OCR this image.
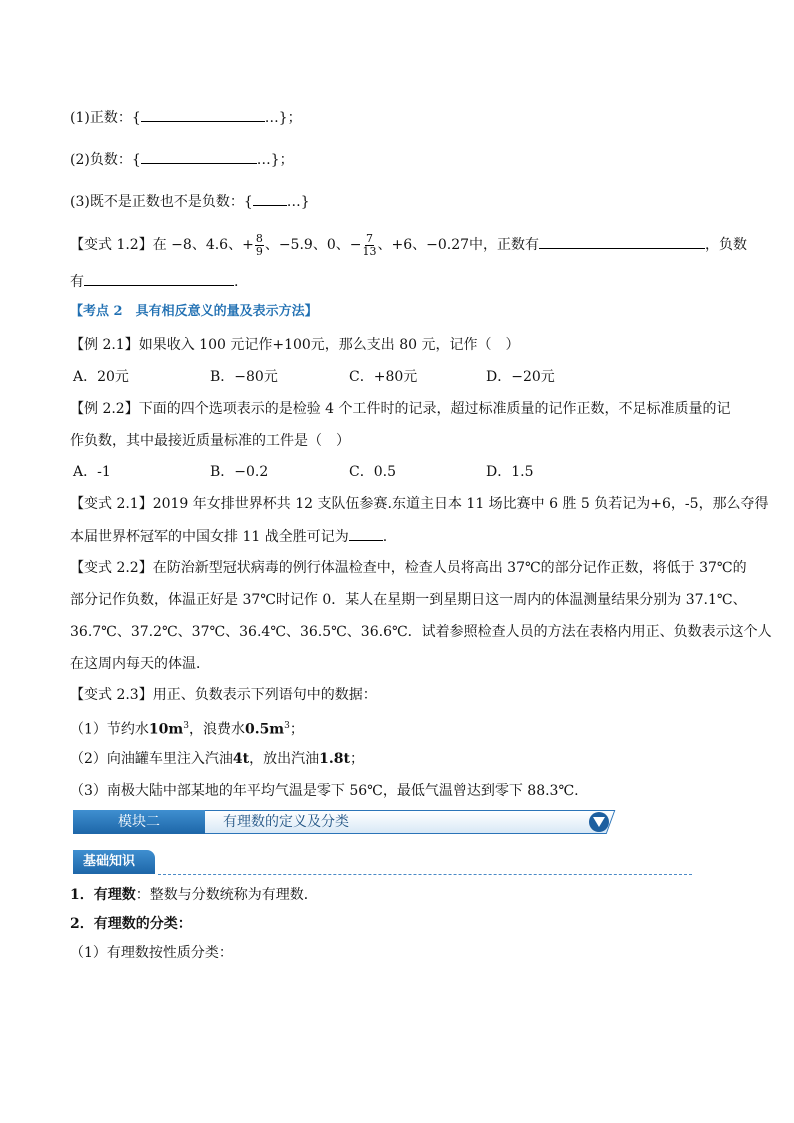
(1)正数：{	…}；
(2)负数：{	…}；
(3)既不是正数也不是负数：{ …}
【变式 1.2】在 −8、4.6、+ $\frac{8}{9}$ 、−5.9、0、− $\frac{7}{13}$ 、+6、−0.27中，正数有	，负数
有	.
【考点 2　具有相反意义的量及表示方法】
【例 2.1】如果收入 100 元记作+100元，那么支出 80 元，记作（　）
A．20元	B．−80元	C．+80元	D．−20元
【例 2.2】下面的四个选项表示的是检验 4 个工件时的记录，超过标准质量的记作正数，不足标准质量的记
作负数，其中最接近质量标准的工件是（　）
A．-1	B．−0.2	C．0.5	D．1.5
【变式 2.1】2019 年女排世界杯共 12 支队伍参赛.东道主日本 11 场比赛中 6 胜 5 负若记为+6，-5，那么夺得
本届世界杯冠军的中国女排 11 战全胜可记为 .
【变式 2.2】在防治新型冠状病毒的例行体温检查中，检查人员将高出 37℃的部分记作正数，将低于 37℃的
部分记作负数，体温正好是 37℃时记作 0．某人在星期一到星期日这一周内的体温测量结果分别为 37.1℃、
36.7℃、37.2℃、37℃、36.4℃、36.5℃、36.6℃．试着参照检查人员的方法在表格内用正、负数表示这个人
在这周内每天的体温．
【变式 2.3】用正、负数表示下列语句中的数据：
（1）节约水$10m^3$，浪费水$0.5m^3$；
（2）向油罐车里注入汽油4t，放出汽油1.8t；
（3）南极大陆中部某地的年平均气温是零下 56℃，最低气温曾达到零下 88.3℃.
模块二	有理数的定义及分类
基础知识
1．有理数：整数与分数统称为有理数．
2．有理数的分类：
（1）有理数按性质分类：
